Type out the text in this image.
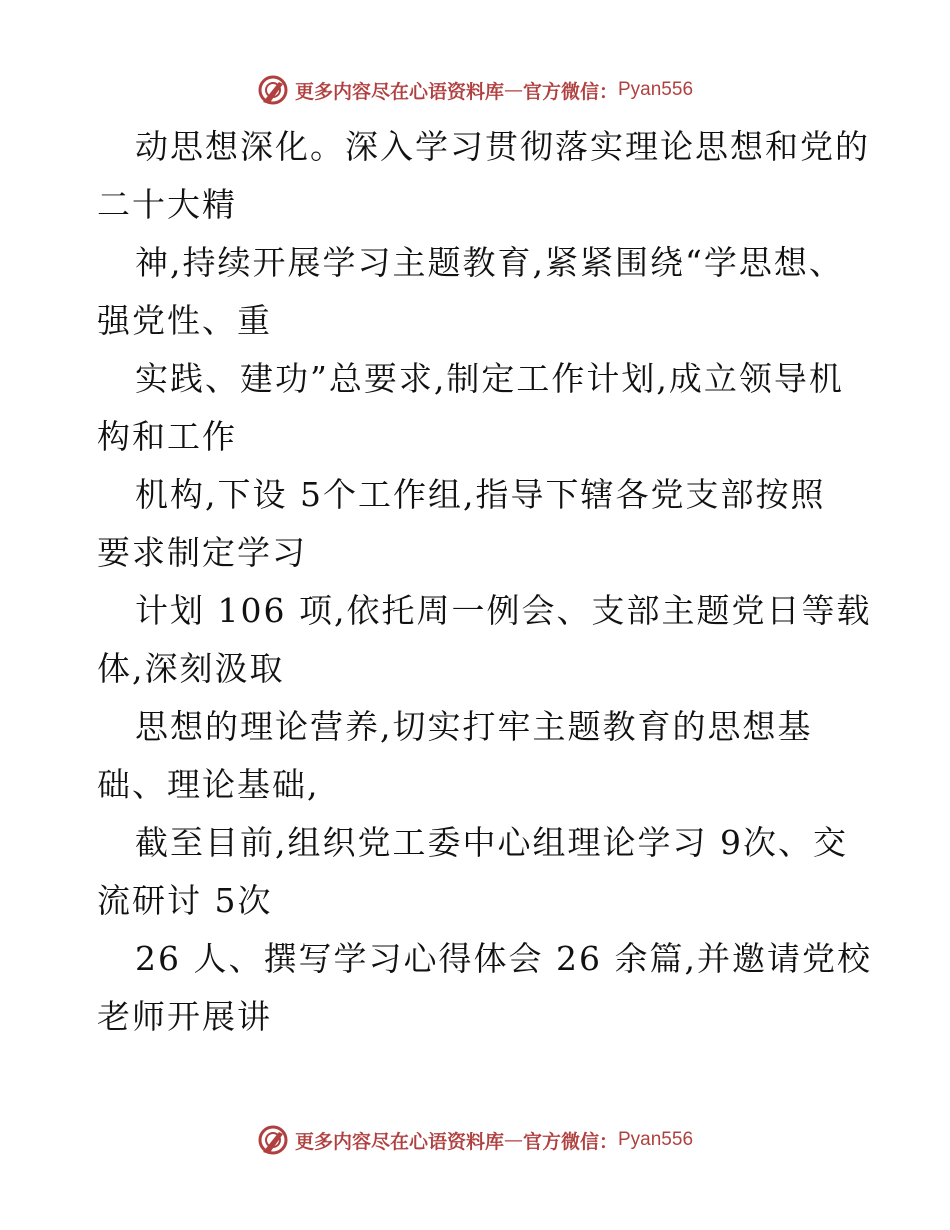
更多内容尽在心语资料库 — 官方微信： Pyan556
动思想深化。深入学习贯彻落实理论思想和党的
二十大精
神,持续开展学习主题教育,紧紧围绕“学思想、
强党性、重
实践、建功”总要求,制定工作计划,成立领导机
构和工作
机构,下设 5个工作组,指导下辖各党支部按照
要求制定学习
计划 106 项,依托周一例会、支部主题党日等载
体,深刻汲取
思想的理论营养,切实打牢主题教育的思想基
础、理论基础,
截至目前,组织党工委中心组理论学习 9次、交
流研讨 5次
26 人、撰写学习心得体会 26 余篇,并邀请党校
老师开展讲
更多内容尽在心语资料库 — 官方微信： Pyan556
